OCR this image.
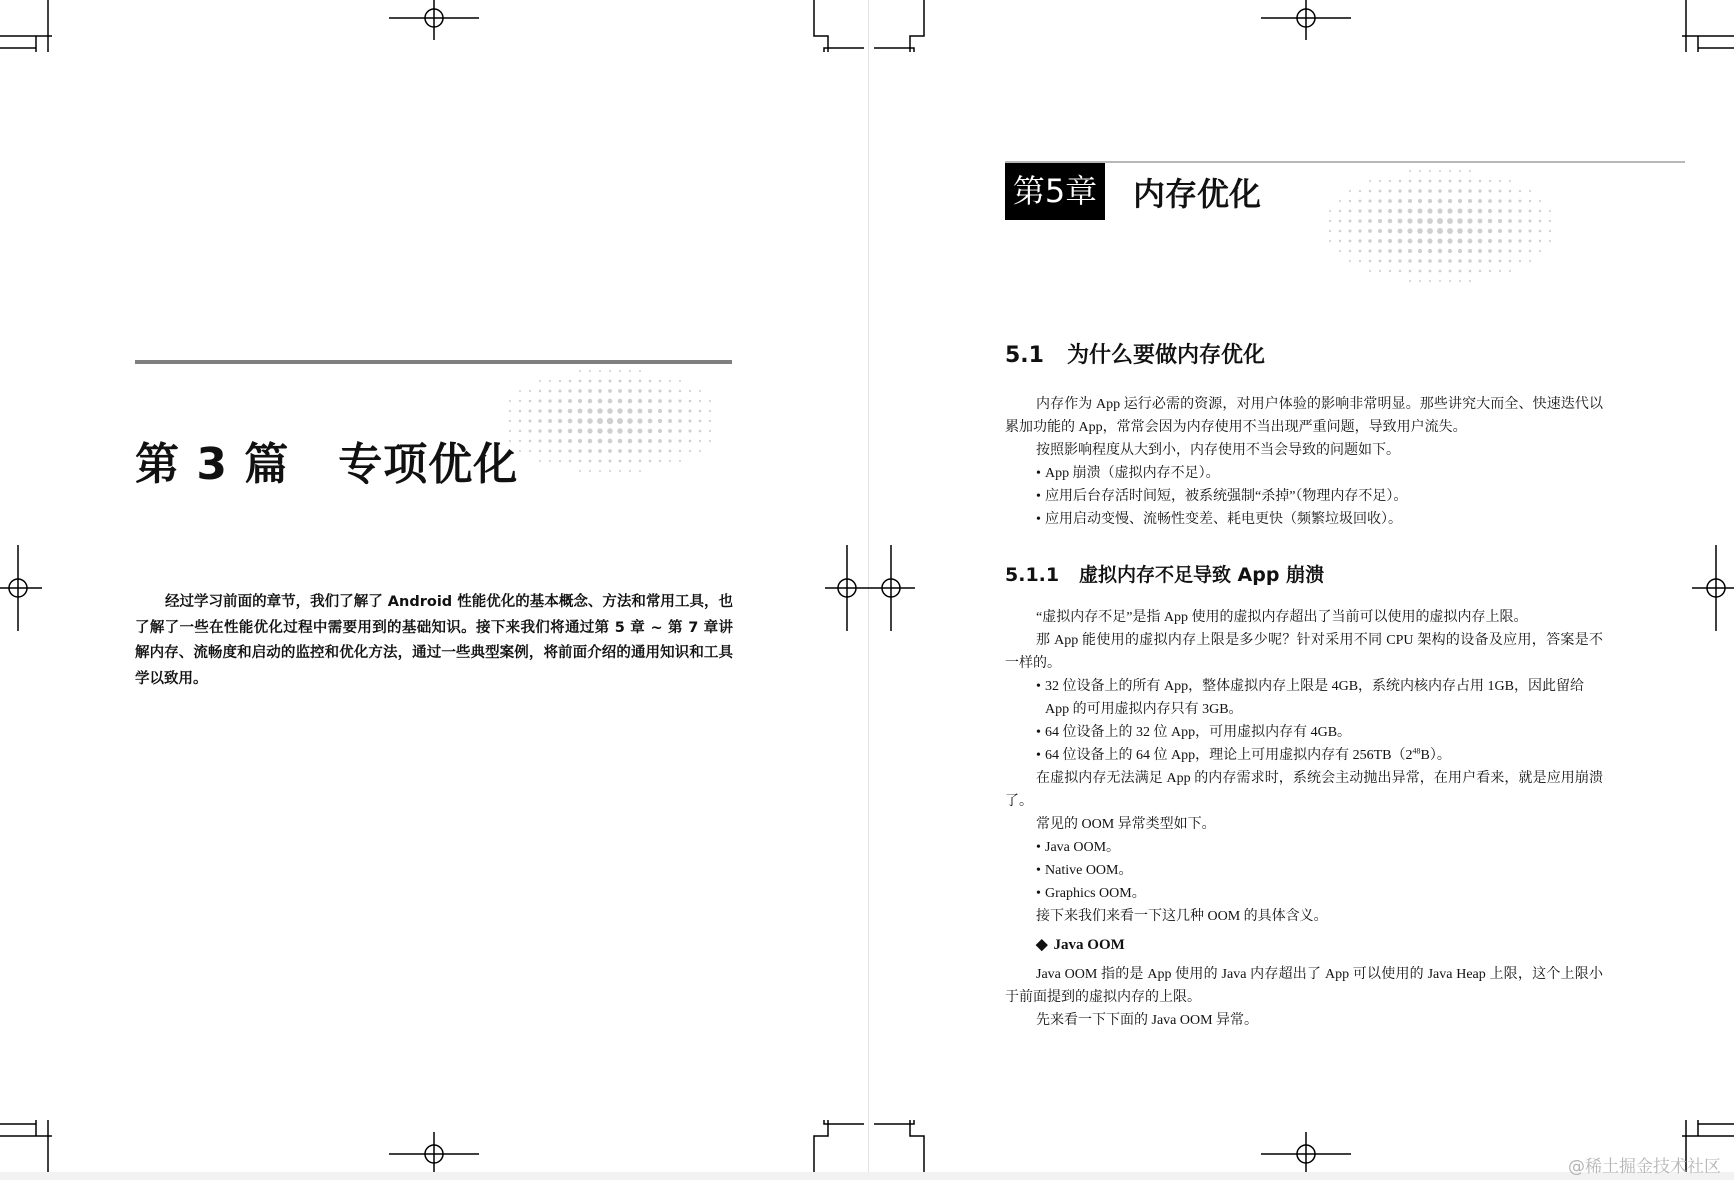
第 3 篇   专项优化

经过学习前面的章节，我们了解了 Android 性能优化的基本概念、方法和常用工具，也了解了一些在性能优化过程中需要用到的基础知识。接下来我们将通过第 5 章 ~ 第 7 章讲解内存、流畅度和启动的监控和优化方法，通过一些典型案例，将前面介绍的通用知识和工具学以致用。

第5章 内存优化
5.1   为什么要做内存优化

内存作为 App 运行必需的资源，对用户体验的影响非常明显。那些讲究大而全、快速迭代以累加功能的 App，常常会因为内存使用不当出现严重问题，导致用户流失。

按照影响程度从大到小，内存使用不当会导致的问题如下。

• App 崩溃（虚拟内存不足）。
• 应用后台存活时间短，被系统强制“杀掉”（物理内存不足）。
• 应用启动变慢、流畅性变差、耗电更快（频繁垃圾回收）。
5.1.1   虚拟内存不足导致 App 崩溃

“虚拟内存不足”是指 App 使用的虚拟内存超出了当前可以使用的虚拟内存上限。

那 App 能使用的虚拟内存上限是多少呢？针对采用不同 CPU 架构的设备及应用，答案是不一样的。

• 32 位设备上的所有 App，整体虚拟内存上限是 4GB，系统内核内存占用 1GB，因此留给 App 的可用虚拟内存只有 3GB。
• 64 位设备上的 32 位 App，可用虚拟内存有 4GB。
• 64 位设备上的 64 位 App，理论上可用虚拟内存有 $256TB(2^{48}B)$。

在虚拟内存无法满足 App 的内存需求时，系统会主动抛出异常，在用户看来，就是应用崩溃了。

常见的 OOM 异常类型如下。

• Java OOM。
• Native OOM。
• Graphics OOM。

接下来我们来看一下这几种 OOM 的具体含义。

◆ Java OOM

Java OOM 指的是 App 使用的 Java 内存超出了 App 可以使用的 Java Heap 上限，这个上限小于前面提到的虚拟内存的上限。

先来看一下下面的 Java OOM 异常。

@稀土掘金技术社区
